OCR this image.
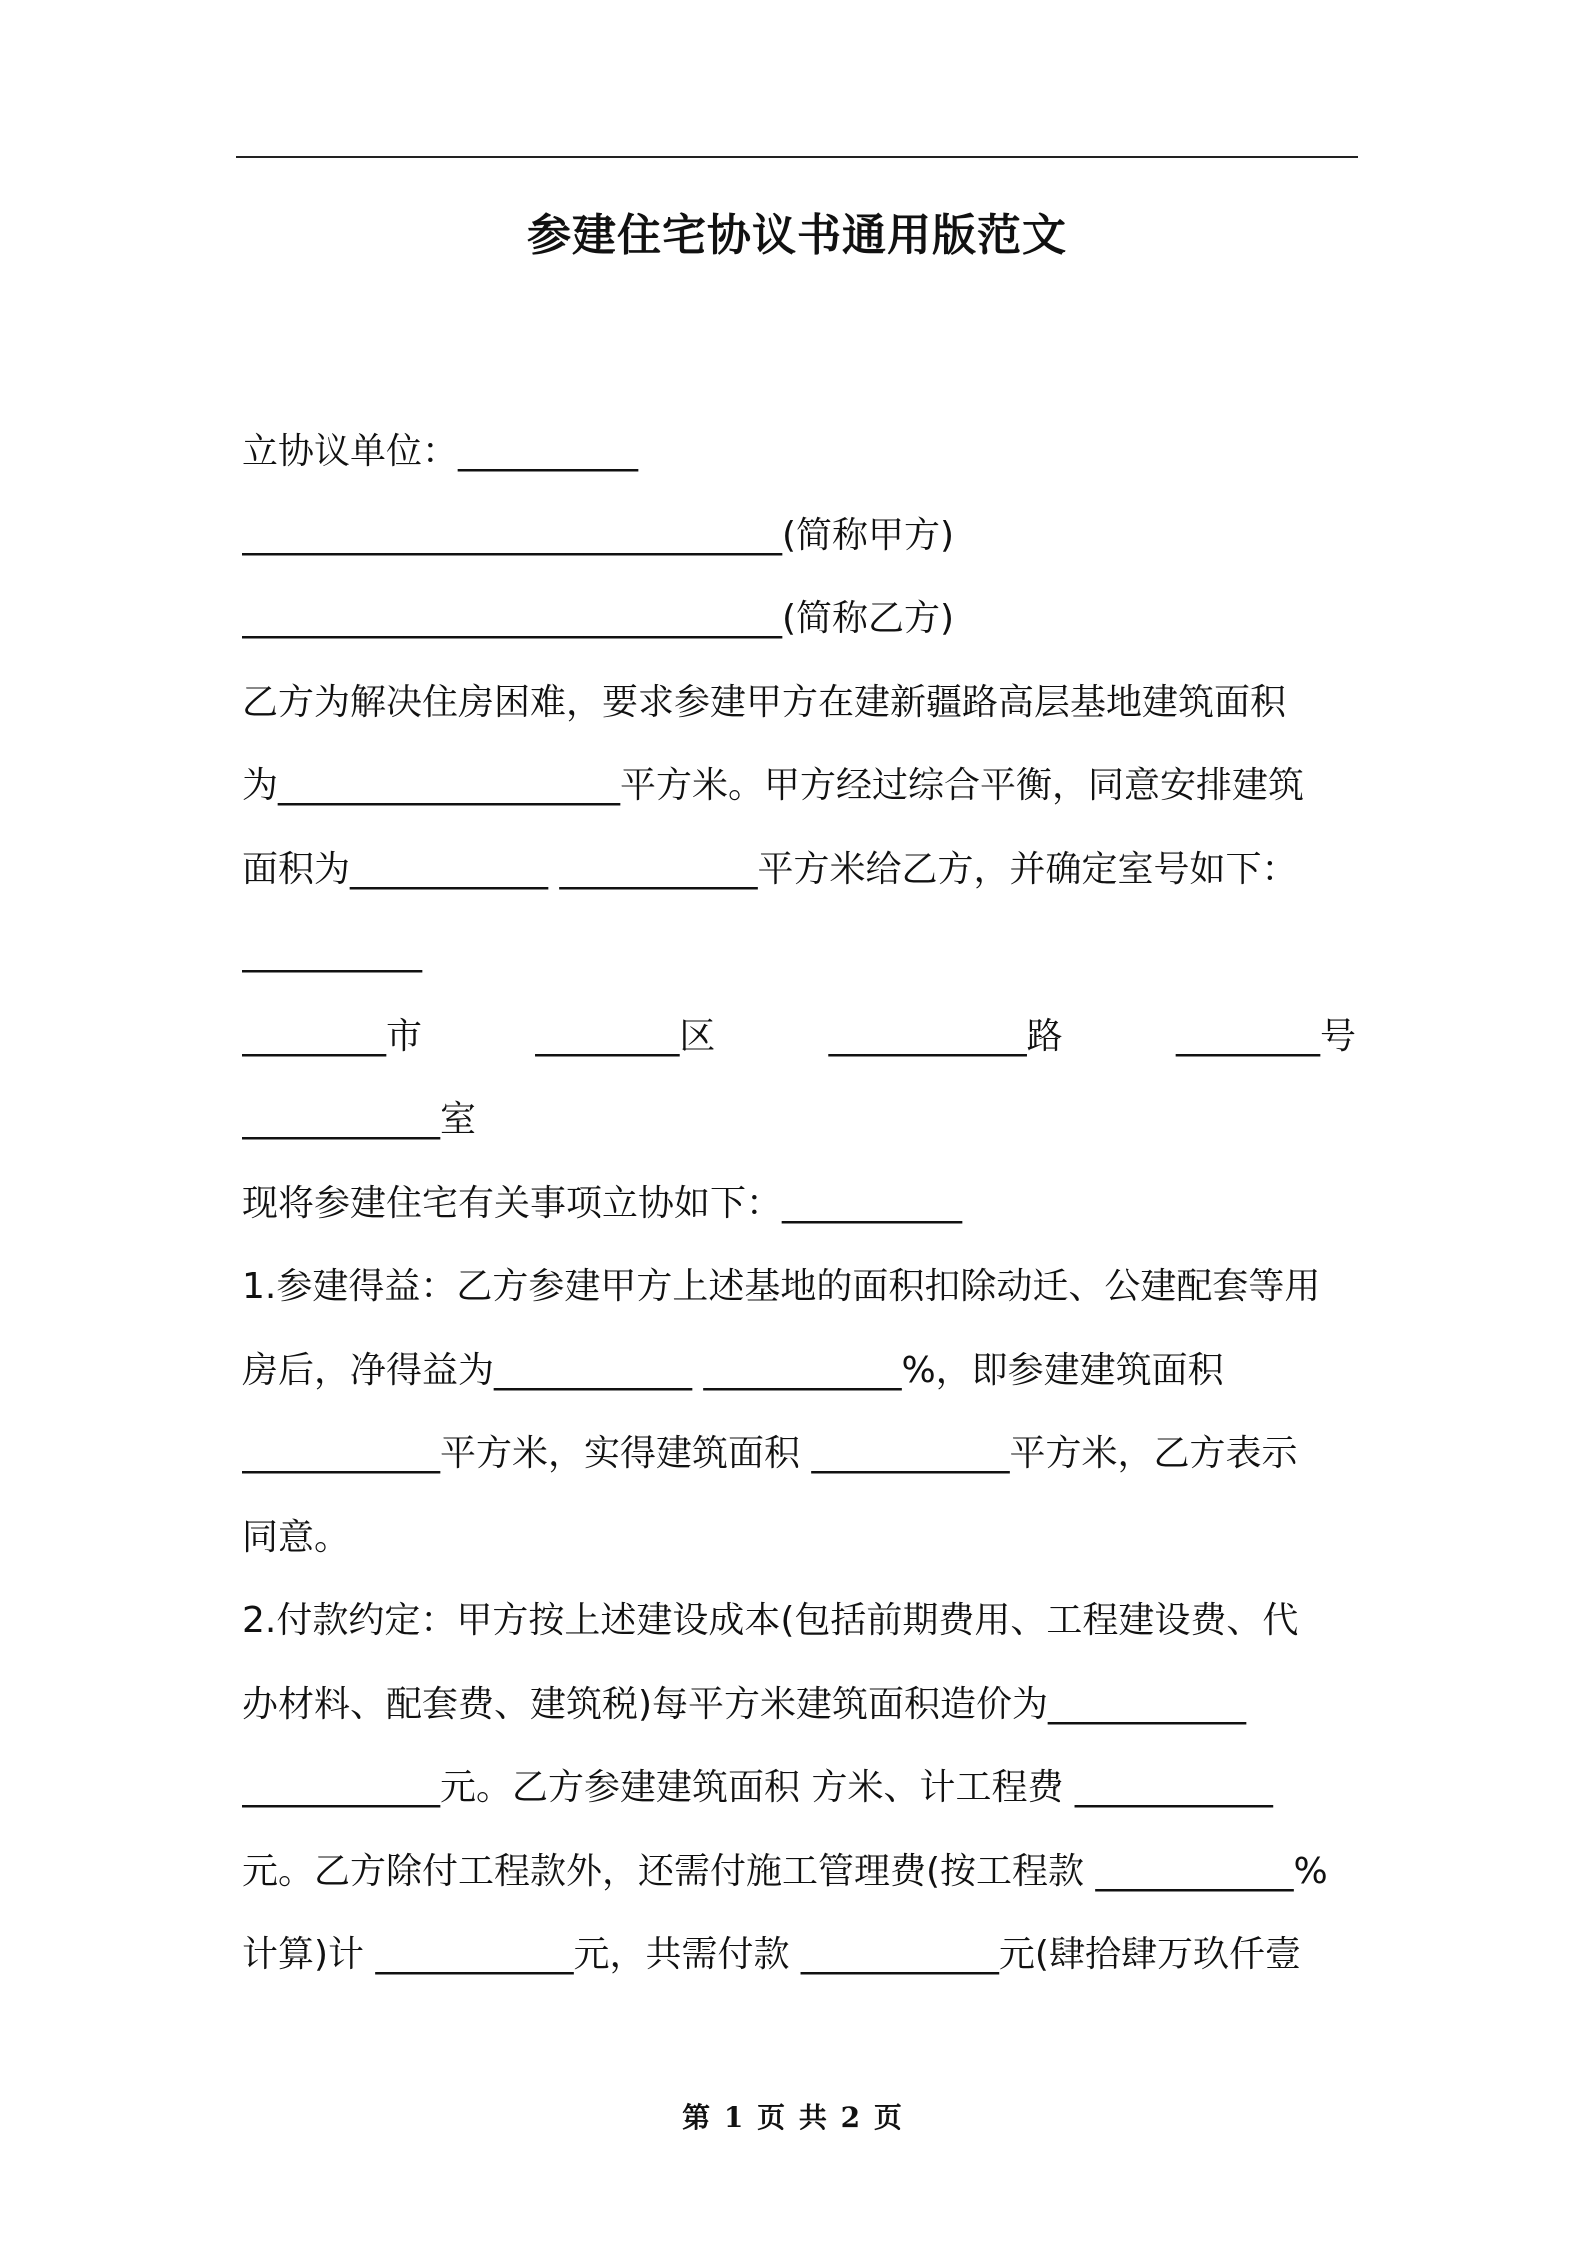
参建住宅协议书通用版范文
立协议单位：__________
______________________________(简称甲方)
______________________________(简称乙方)
乙方为解决住房困难，要求参建甲方在建新疆路高层基地建筑面积
为___________________平方米。甲方经过综合平衡，同意安排建筑
面积为___________ ___________平方米给乙方，并确定室号如下：
__________
________市	________区	___________路	________号
___________室
现将参建住宅有关事项立协如下：__________
1.参建得益：乙方参建甲方上述基地的面积扣除动迁、公建配套等用
房后，净得益为___________ ___________%，即参建建筑面积
___________平方米，实得建筑面积 ___________平方米，乙方表示
同意。
2.付款约定：甲方按上述建设成本(包括前期费用、工程建设费、代
办材料、配套费、建筑税)每平方米建筑面积造价为___________
___________元。乙方参建建筑面积 方米、计工程费 ___________
元。乙方除付工程款外，还需付施工管理费(按工程款 ___________%
计算)计 ___________元，共需付款 ___________元(肆拾肆万玖仟壹
第 1 页 共 2 页
